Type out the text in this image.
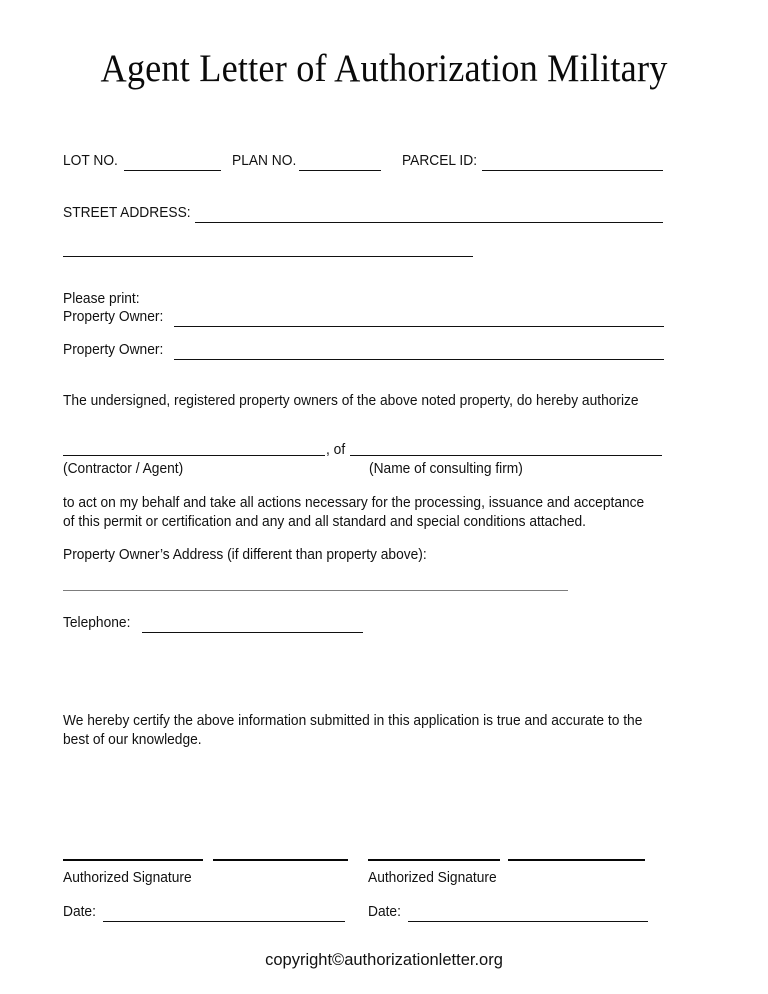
Agent Letter of Authorization Military
LOT NO.	PLAN NO.	PARCEL ID:
STREET ADDRESS:
Please print:
Property Owner:
Property Owner:
The undersigned, registered property owners of the above noted property, do hereby authorize
, of
(Contractor / Agent)	(Name of consulting firm)
to act on my behalf and take all actions necessary for the processing, issuance and acceptance of this permit or certification and any and all standard and special conditions attached.
Property Owner’s Address (if different than property above):
Telephone:
We hereby certify the above information submitted in this application is true and accurate to the best of our knowledge.
Authorized Signature
Date:
Authorized Signature
Date:
copyright©authorizationletter.org
